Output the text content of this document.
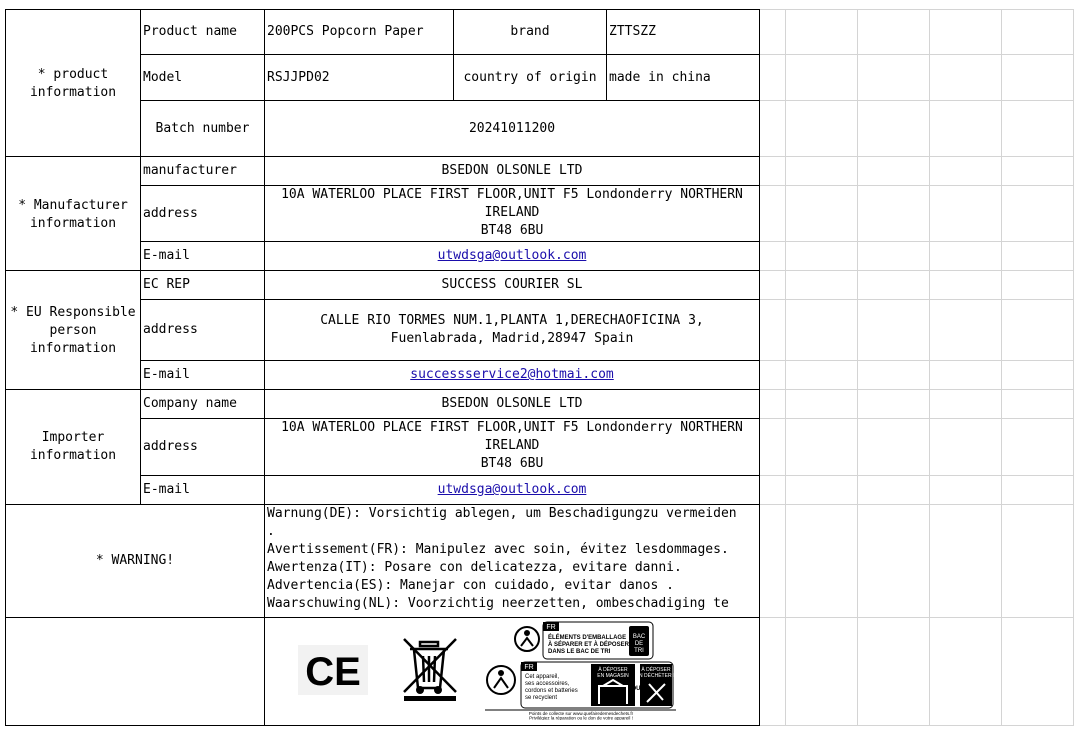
* product information
Product name 200PCS Popcorn Paper	brand	ZTTSZZ
Model	RSJJPD02	country of origin made in china
Batch number	20241011200
* Manufacturer information
manufacturer	BSEDON OLSONLE LTD
address
10A WATERLOO PLACE FIRST FLOOR,UNIT F5 Londonderry NORTHERN
IRELAND
BT48 6BU
E-mail	utwdsga@outlook.com
* EU Responsible person information
EC REP	SUCCESS COURIER SL
address
CALLE RIO TORMES NUM.1,PLANTA 1,DERECHAOFICINA 3,
Fuenlabrada, Madrid,28947 Spain
E-mail	successservice2@hotmai.com
Importer information
Company name	BSEDON OLSONLE LTD
address
10A WATERLOO PLACE FIRST FLOOR,UNIT F5 Londonderry NORTHERN
IRELAND
BT48 6BU
E-mail	utwdsga@outlook.com
* WARNING!
Warnung(DE): Vorsichtig ablegen, um Beschadigungzu vermeiden
.
Avertissement(FR): Manipulez avec soin, évitez lesdommages.
Awertenza(IT): Posare con delicatezza, evitare danni.
Advertencia(ES): Manejar con cuidado, evitar danos .
Waarschuwing(NL): Voorzichtig neerzetten, ombeschadiging te
CE
FR
ÉLÉMENTS D'EMBALLAGE
À SÉPARER ET À DÉPOSER
DANS LE BAC DE TRI
BAC
DE
TRI
FR
Cet appareil,
ses accessoires,
cordons et batteries
se recyclent
À DÉPOSER
EN MAGASIN
OU
À DÉPOSER
EN DÉCHÈTERIE
Points de collecte sur www.quefairedemesdechets.fr
Privilégiez la réparation ou le don de votre appareil !
